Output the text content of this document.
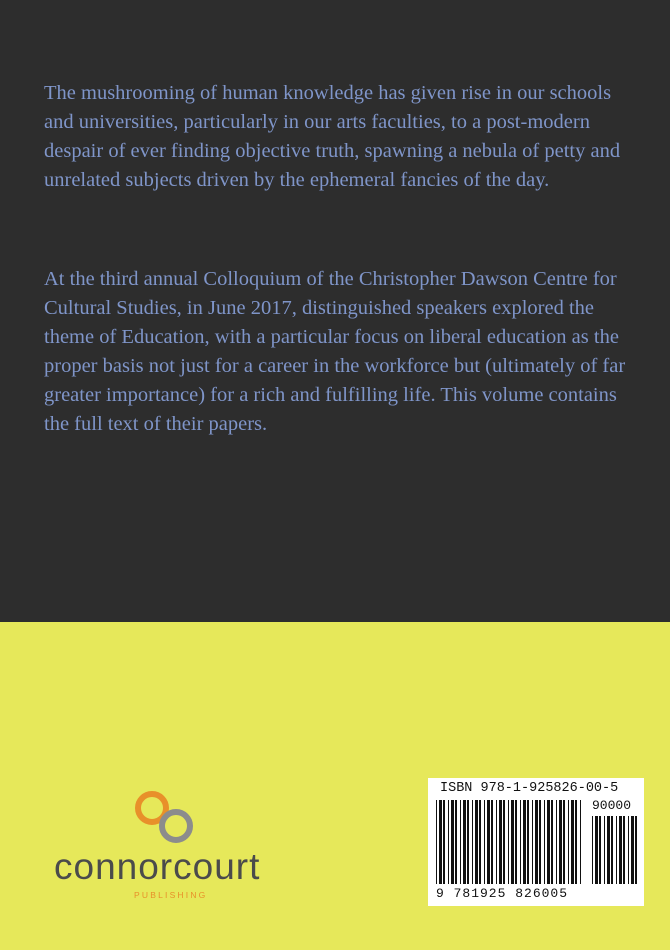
The mushrooming of human knowledge has given rise in our schools and universities, particularly in our arts faculties, to a post-modern despair of ever finding objective truth, spawning a nebula of petty and unrelated subjects driven by the ephemeral fancies of the day.

At the third annual Colloquium of the Christopher Dawson Centre for Cultural Studies, in June 2017, distinguished speakers explored the theme of Education, with a particular focus on liberal education as the proper basis not just for a career in the workforce but (ultimately of far greater importance) for a rich and fulfilling life. This volume contains the full text of their papers.

connorcourt
PUBLISHING
ISBN 978-1-925826-00-5
90000
9 781925 826005
